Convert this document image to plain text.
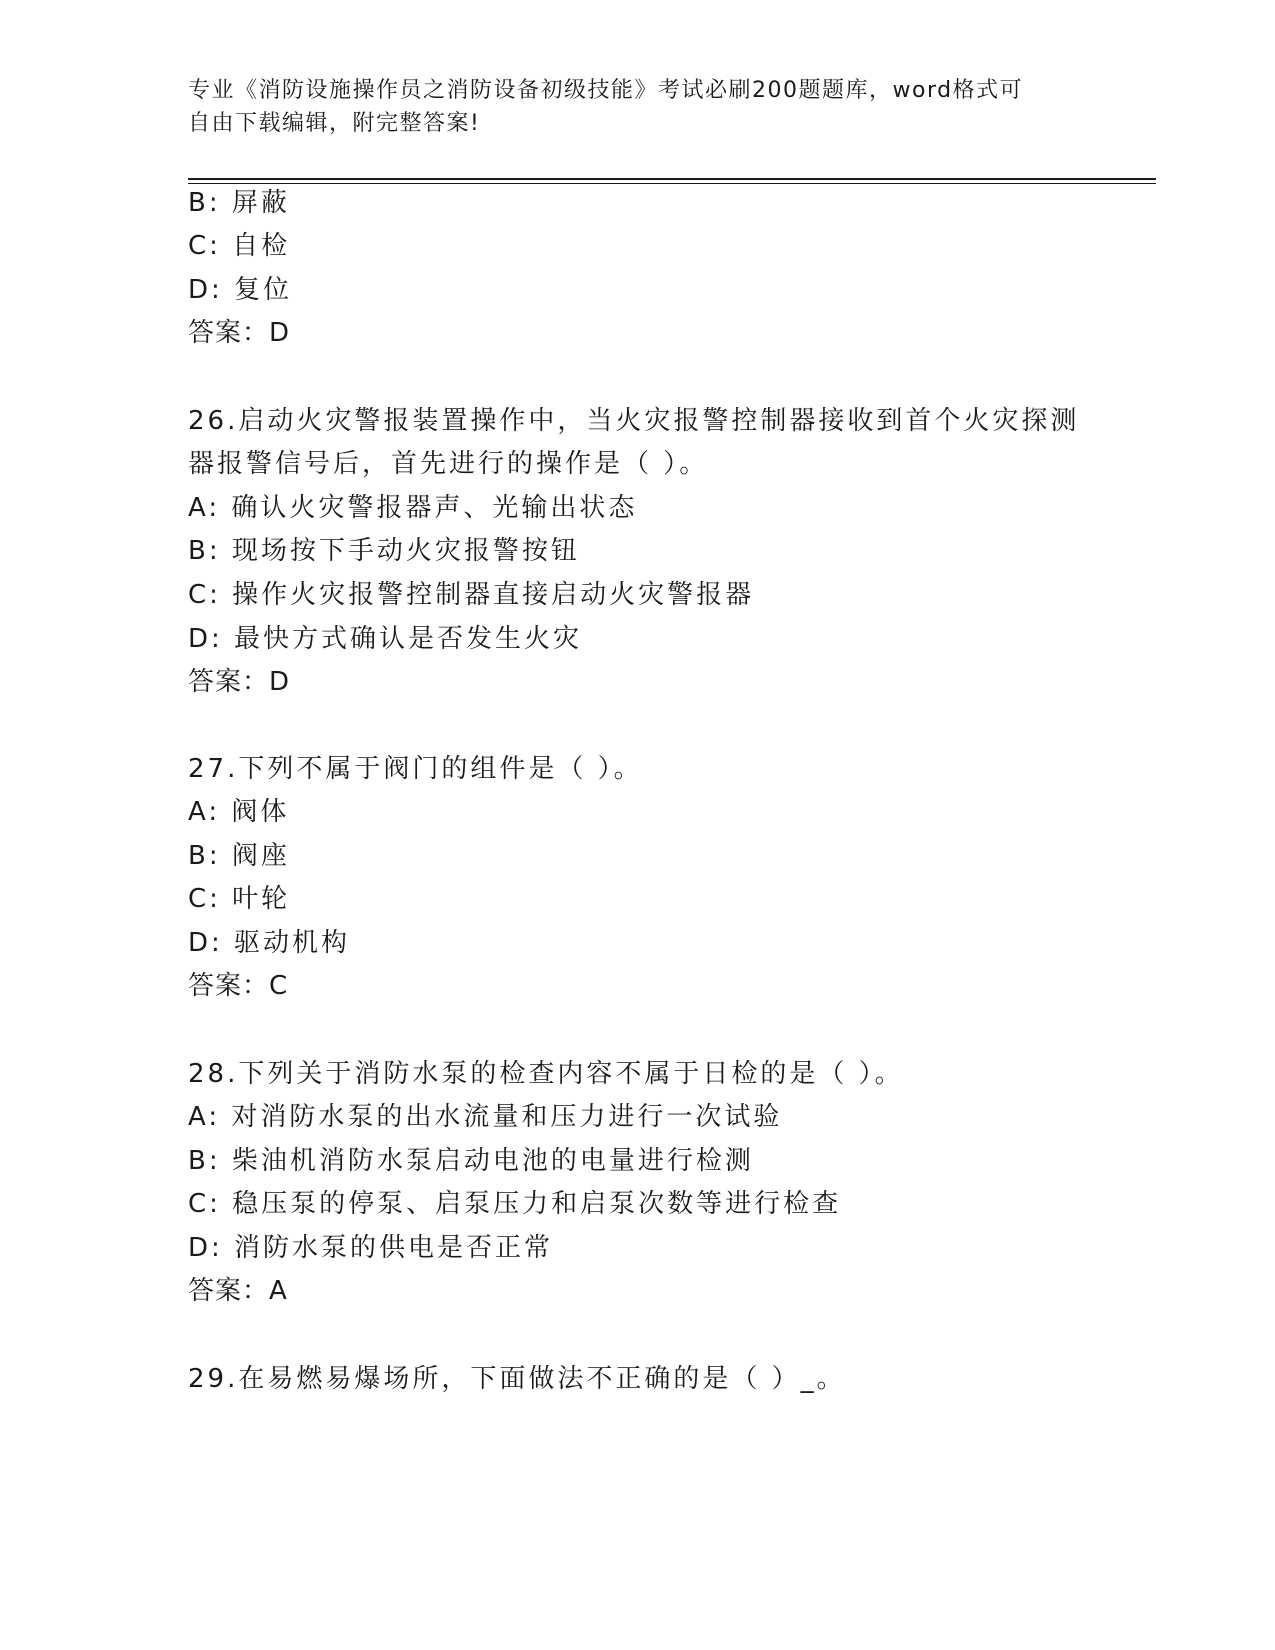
专业《消防设施操作员之消防设备初级技能》考试必刷200题题库，word格式可
自由下载编辑，附完整答案!
B: 屏蔽
C: 自检
D: 复位
答案：D
26.启动火灾警报装置操作中，当火灾报警控制器接收到首个火灾探测
器报警信号后，首先进行的操作是（ ）。
A: 确认火灾警报器声、光输出状态
B: 现场按下手动火灾报警按钮
C: 操作火灾报警控制器直接启动火灾警报器
D: 最快方式确认是否发生火灾
答案：D
27.下列不属于阀门的组件是（ ）。
A: 阀体
B: 阀座
C: 叶轮
D: 驱动机构
答案：C
28.下列关于消防水泵的检查内容不属于日检的是（ ）。
A: 对消防水泵的出水流量和压力进行一次试验
B: 柴油机消防水泵启动电池的电量进行检测
C: 稳压泵的停泵、启泵压力和启泵次数等进行检查
D: 消防水泵的供电是否正常
答案：A
29.在易燃易爆场所，下面做法不正确的是（ ）_。
